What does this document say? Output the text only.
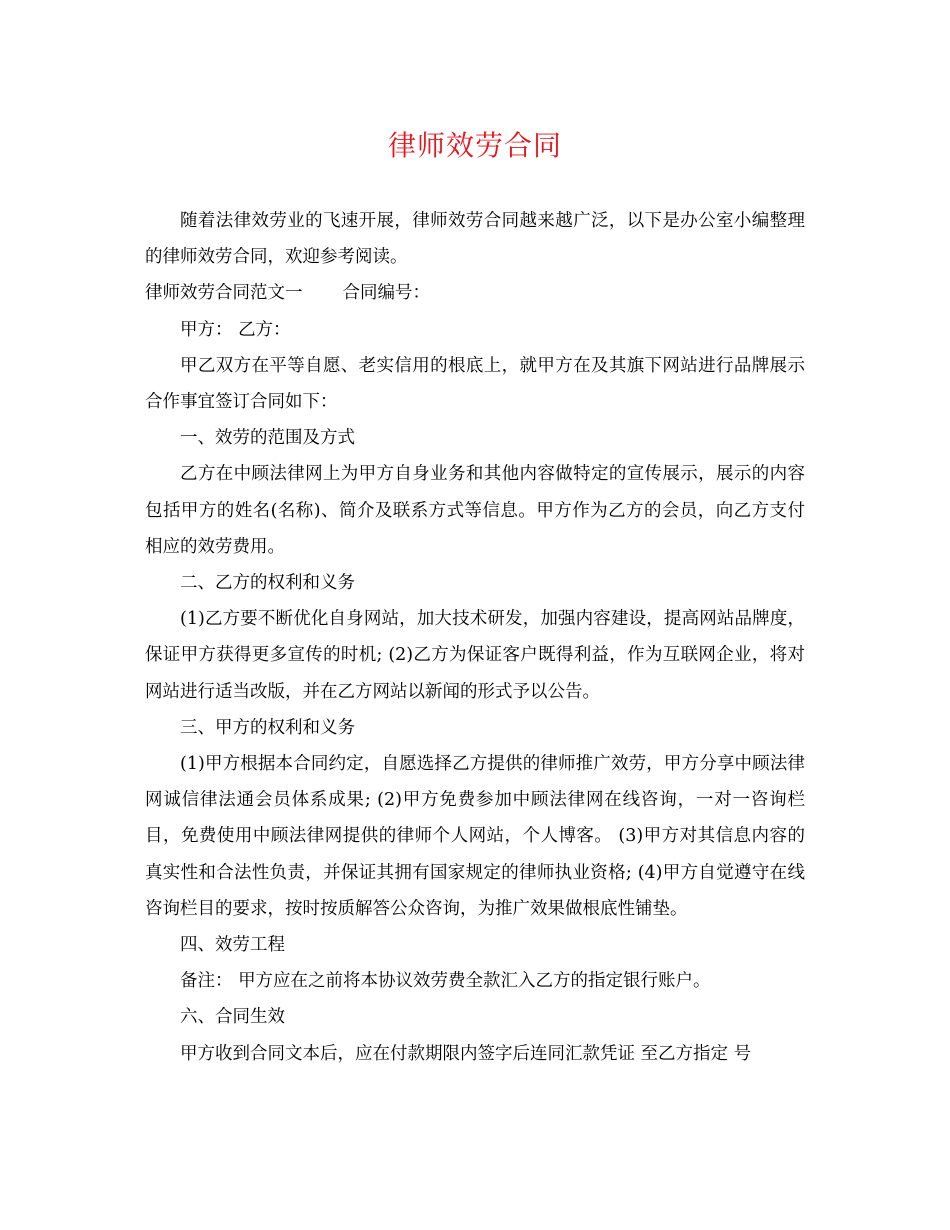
律师效劳合同

随着法律效劳业的飞速开展，律师效劳合同越来越广泛，以下是办公室小编整理的律师效劳合同，欢迎参考阅读。

律师效劳合同范文一 合同编号：

甲方： 乙方：

甲乙双方在平等自愿、老实信用的根底上，就甲方在及其旗下网站进行品牌展示合作事宜签订合同如下：

一、效劳的范围及方式

乙方在中顾法律网上为甲方自身业务和其他内容做特定的宣传展示，展示的内容包括甲方的姓名(名称)、简介及联系方式等信息。甲方作为乙方的会员，向乙方支付相应的效劳费用。

二、乙方的权利和义务

(1)乙方要不断优化自身网站，加大技术研发，加强内容建设，提高网站品牌度，保证甲方获得更多宣传的时机; (2)乙方为保证客户既得利益，作为互联网企业，将对网站进行适当改版，并在乙方网站以新闻的形式予以公告。

三、甲方的权利和义务

(1)甲方根据本合同约定，自愿选择乙方提供的律师推广效劳，甲方分享中顾法律网诚信律法通会员体系成果; (2)甲方免费参加中顾法律网在线咨询，一对一咨询栏目，免费使用中顾法律网提供的律师个人网站，个人博客。 (3)甲方对其信息内容的真实性和合法性负责，并保证其拥有国家规定的律师执业资格; (4)甲方自觉遵守在线咨询栏目的要求，按时按质解答公众咨询，为推广效果做根底性铺垫。

四、效劳工程

备注： 甲方应在之前将本协议效劳费全款汇入乙方的指定银行账户。

六、合同生效

甲方收到合同文本后，应在付款期限内签字后连同汇款凭证 至乙方指定 号
